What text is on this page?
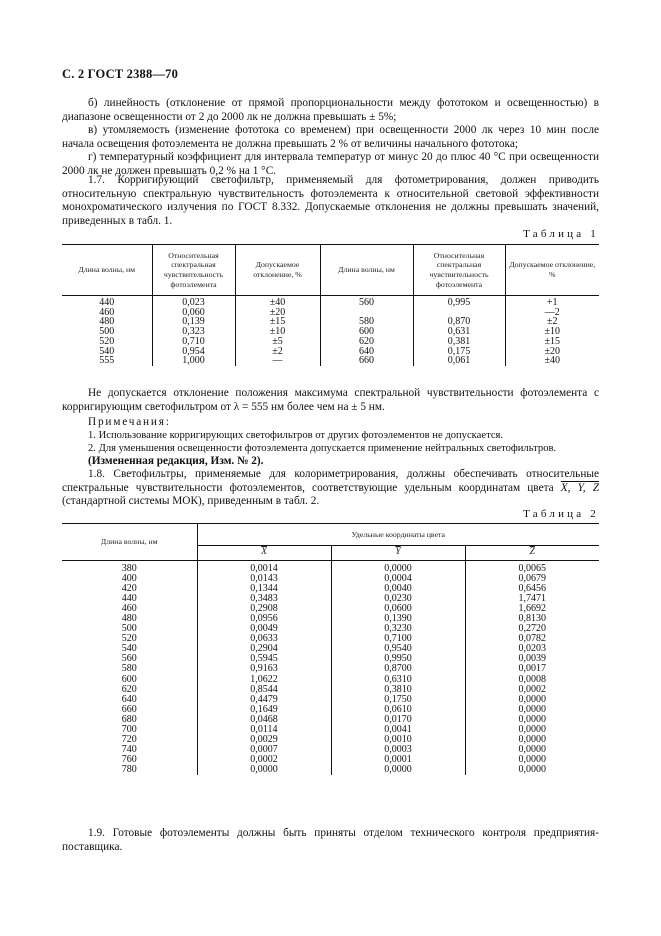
С. 2 ГОСТ 2388—70
б) линейность (отклонение от прямой пропорциональности между фототоком и освещенностью) в диапазоне освещенности от 2 до 2000 лк не должна превышать ± 5%;
в) утомляемость (изменение фототока со временем) при освещенности 2000 лк через 10 мин после начала освещения фотоэлемента не должна превышать 2 % от величины начального фототока;
г) температурный коэффициент для интервала температур от минус 20 до плюс 40 °С при освещенности 2000 лк не должен превышать 0,2 % на 1 °С.
1.7. Корригирующий светофильтр, применяемый для фотометрирования, должен приводить относительную спектральную чувствительность фотоэлемента к относительной световой эффективности монохроматического излучения по ГОСТ 8.332. Допускаемые отклонения не должны превышать значений, приведенных в табл. 1.
Таблица 1
Длина волны, нм	Относительная спектральная чувствительность фотоэлемента	Допускаемое отклонение, %	Длина волны, нм	Относительная спектральная чувствительность фотоэлемента	Допускаемое отклонение, %
440	0,023	±40	560	0,995	+1
460	0,060	±20			—2
480	0,139	±15	580	0,870	±2
500	0,323	±10	600	0,631	±10
520	0,710	±5	620	0,381	±15
540	0,954	±2	640	0,175	±20
555	1,000	—	660	0,061	±40
Не допускается отклонение положения максимума спектральной чувствительности фотоэлемента с корригирующим светофильтром от λ = 555 нм более чем на ± 5 нм.
Примечания:
1. Использование корригирующих светофильтров от других фотоэлементов не допускается.
2. Для уменьшения освещенности фотоэлемента допускается применение нейтральных светофильтров.
(Измененная редакция, Изм. № 2).
1.8. Светофильтры, применяемые для колориметрирования, должны обеспечивать относительные спектральные чувствительности фотоэлементов, соответствующие удельным координатам цвета X, Y, Z (стандартной системы МОК), приведенным в табл. 2.
Таблица 2
Длина волны, нм	Удельные координаты цвета		
	$\overline{X}$	$\overline{Y}$	$\overline{Z}$
380	0,0014	0,0000	0,0065
400	0,0143	0,0004	0,0679
420	0,1344	0,0040	0,6456
440	0,3483	0,0230	1,7471
460	0,2908	0,0600	1,6692
480	0,0956	0,1390	0,8130
500	0,0049	0,3230	0,2720
520	0,0633	0,7100	0,0782
540	0,2904	0,9540	0,0203
560	0,5945	0,9950	0,0039
580	0,9163	0,8700	0,0017
600	1,0622	0,6310	0,0008
620	0,8544	0,3810	0,0002
640	0,4479	0,1750	0,0000
660	0,1649	0,0610	0,0000
680	0,0468	0,0170	0,0000
700	0,0114	0,0041	0,0000
720	0,0029	0,0010	0,0000
740	0,0007	0,0003	0,0000
760	0,0002	0,0001	0,0000
780	0,0000	0,0000	0,0000
1.9. Готовые фотоэлементы должны быть приняты отделом технического контроля предприятия-поставщика.
